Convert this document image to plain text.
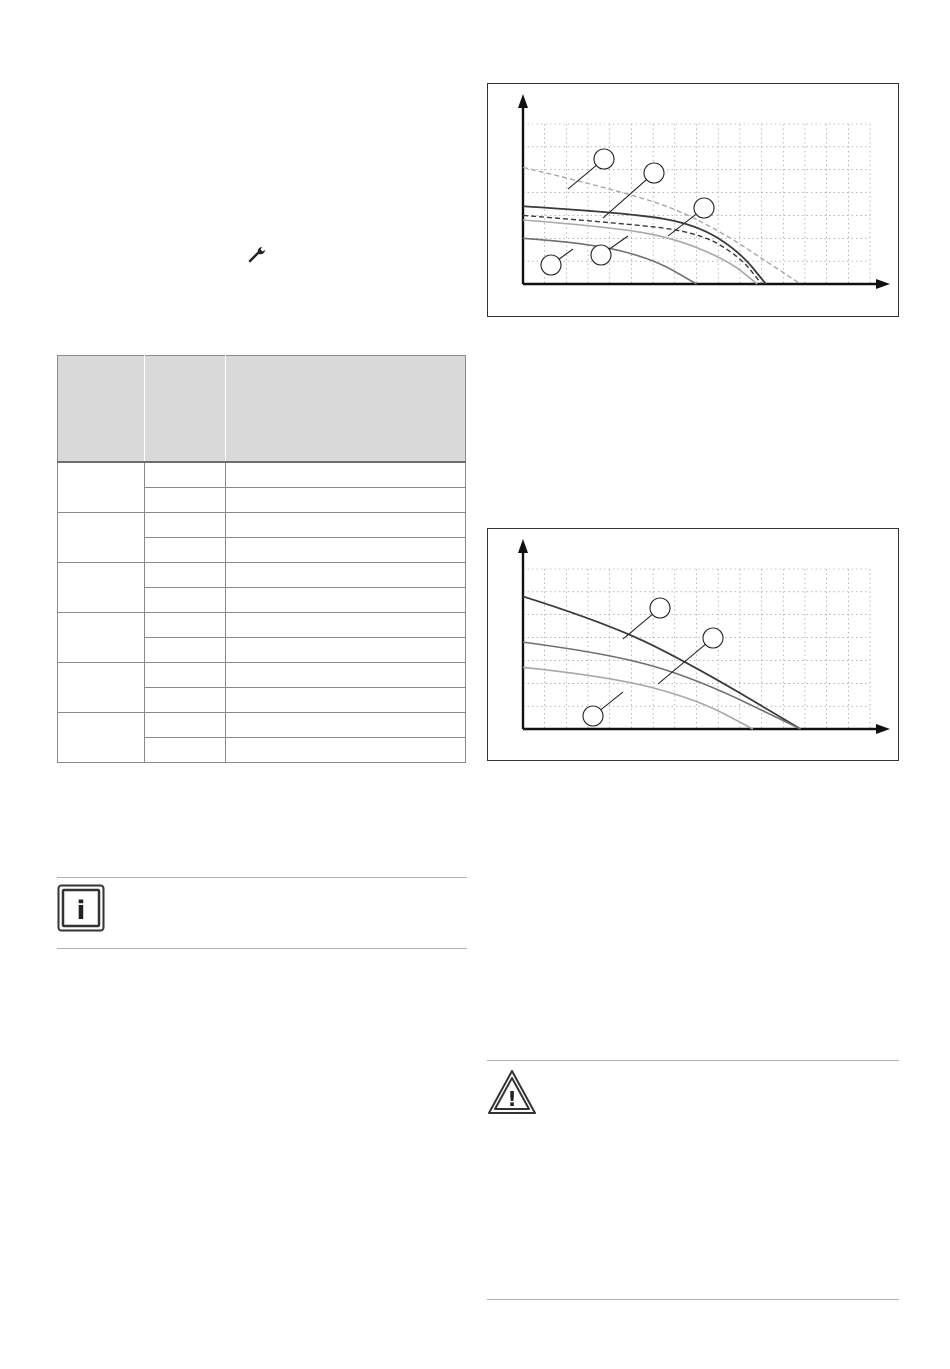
i
!
